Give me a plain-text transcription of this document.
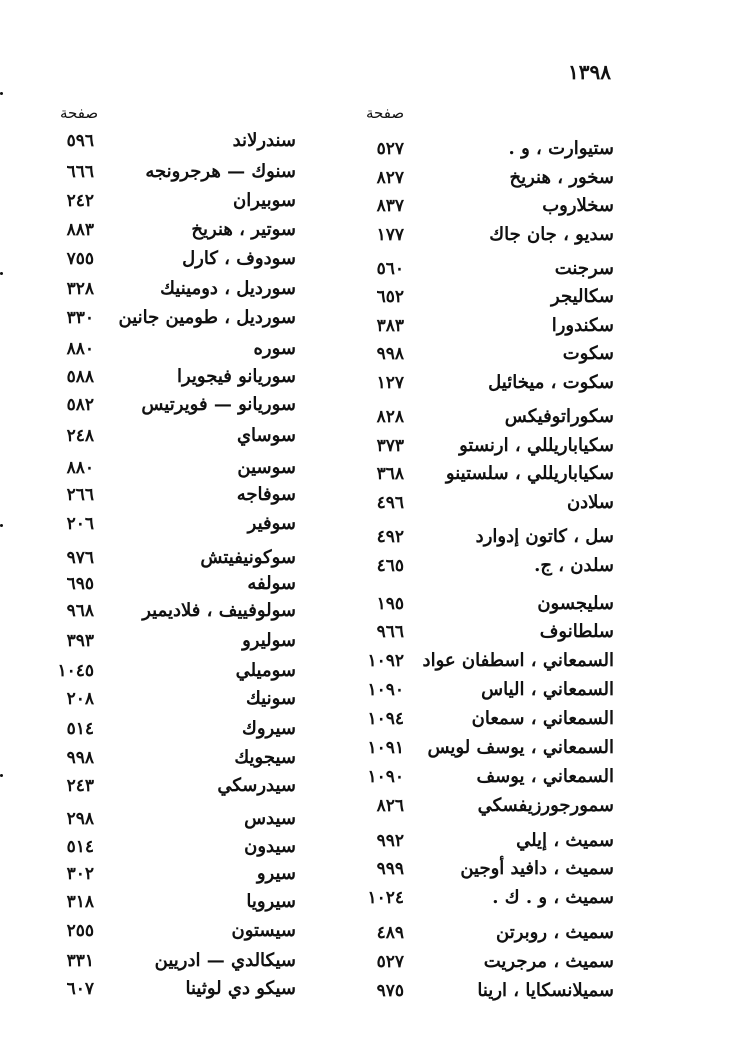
١٣٩٨
صفحة
صفحة
ستيوارت ، و .
٥٢٧
سخور ، هنريخ
٨٢٧
سخلاروب
٨٣٧
سديو ، جان جاك
١٧٧
سرجنت
٥٦٠
سكاليجر
٦٥٢
سكندورا
٣٨٣
سكوت
٩٩٨
سكوت ، ميخائيل
١٢٧
سكوراتوفيكس
٨٢٨
سكياباريللي ، ارنستو
٣٧٣
سكياباريللي ، سلستينو
٣٦٨
سلادن
٤٩٦
سل ، كاتون إدوارد
٤٩٢
سلدن ، ج.
٤٦٥
سليجسون
١٩٥
سلطانوف
٩٦٦
السمعاني ، اسطفان عواد
١٠٩٢
السمعاني ، الياس
١٠٩٠
السمعاني ، سمعان
١٠٩٤
السمعاني ، يوسف لويس
١٠٩١
السمعاني ، يوسف
١٠٩٠
سمورجورزيفسكي
٨٢٦
سميث ، إيلي
٩٩٢
سميث ، دافيد أوجين
٩٩٩
سميث ، و . ك .
١٠٢٤
سميث ، روبرتن
٤٨٩
سميث ، مرجريت
٥٢٧
سميلانسكايا ، ارينا
٩٧٥
سندرلاند
٥٩٦
سنوك — هرجرونجه
٦٦٦
سوبيران
٢٤٢
سوتير ، هنريخ
٨٨٣
سودوف ، كارل
٧٥٥
سورديل ، دومينيك
٣٢٨
سورديل ، طومين جانين
٣٣٠
سوره
٨٨٠
سوريانو فيجويرا
٥٨٨
سوريانو — فويرتيس
٥٨٢
سوساي
٢٤٨
سوسين
٨٨٠
سوفاجه
٢٦٦
سوفير
٢٠٦
سوكونيفيتش
٩٧٦
سولفه
٦٩٥
سولوفييف ، فلاديمير
٩٦٨
سوليرو
٣٩٣
سوميلي
١٠٤٥
سونيك
٢٠٨
سيروك
٥١٤
سيجويك
٩٩٨
سيدرسكي
٢٤٣
سيدس
٢٩٨
سيدون
٥١٤
سيرو
٣٠٢
سيرويا
٣١٨
سيستون
٢٥٥
سيكالدي — ادريين
٣٣١
سيكو دي لوثينا
٦٠٧
